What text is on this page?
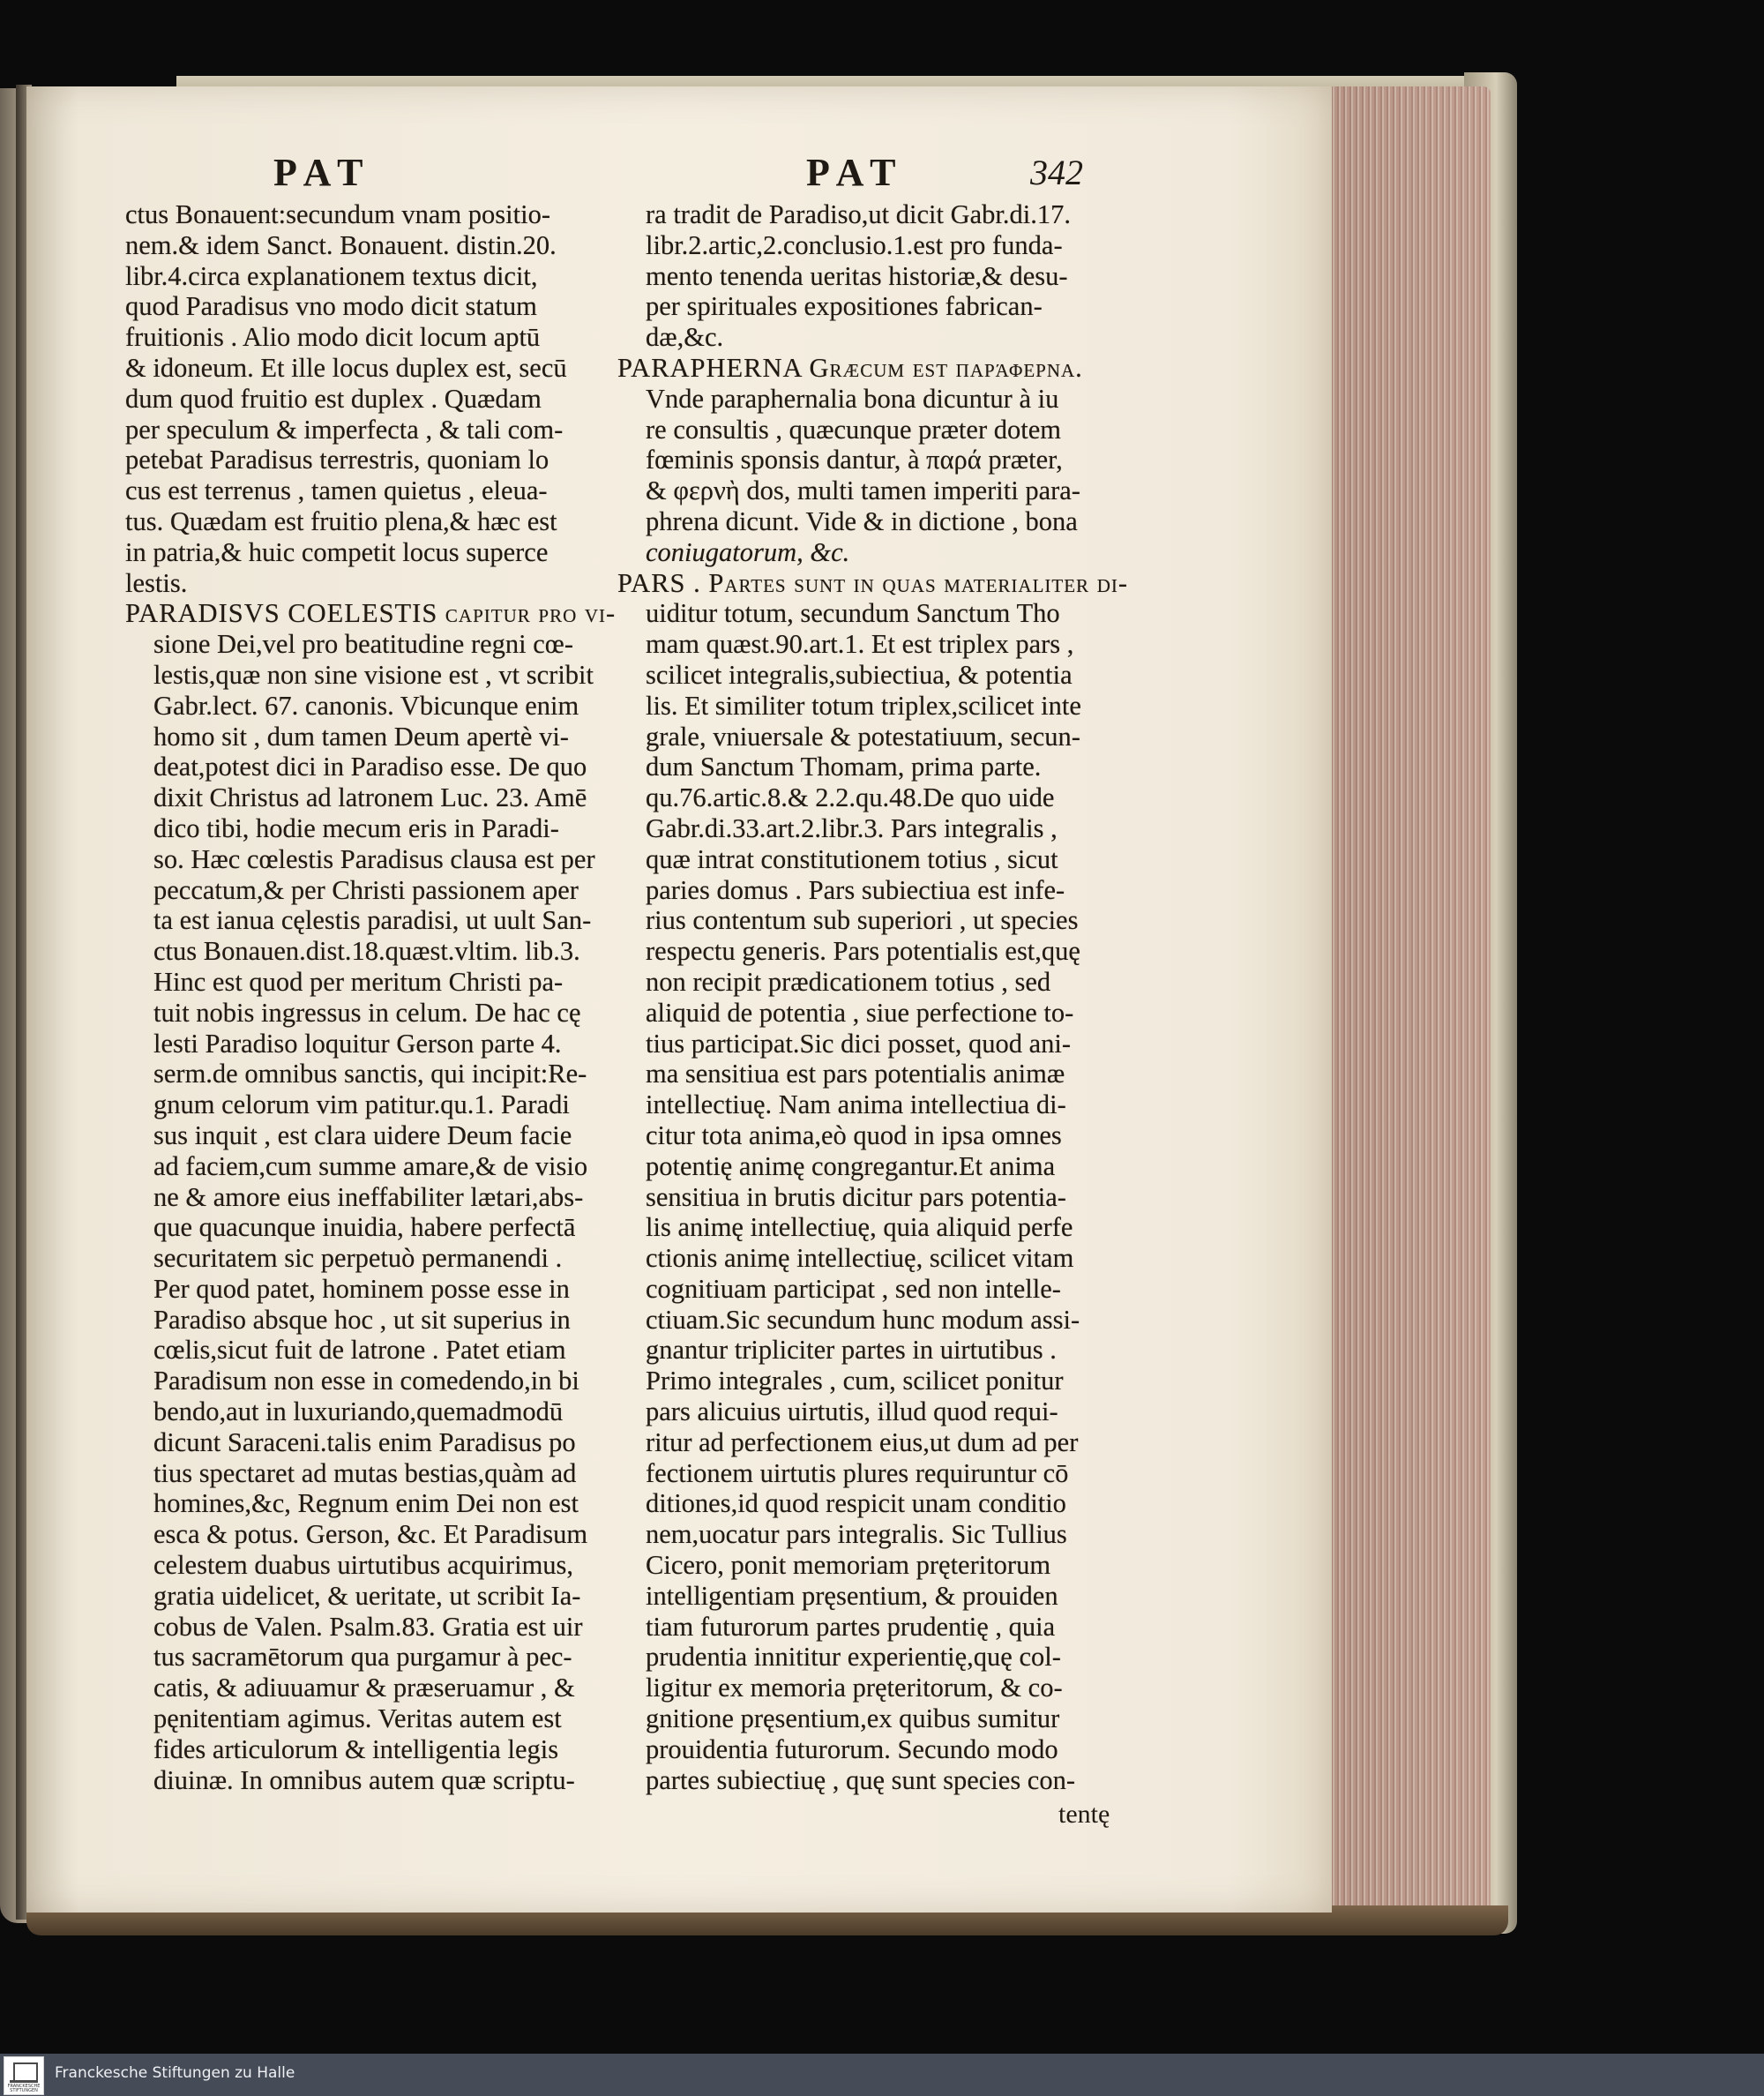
PAT	PAT	342
ctus Bonauent:secundum vnam positio-
nem.& idem Sanct. Bonauent. distin.20.
libr.4.circa explanationem textus dicit,
quod Paradisus vno modo dicit statum
fruitionis . Alio modo dicit locum aptū
& idoneum. Et ille locus duplex est, secū
dum quod fruitio est duplex . Quædam
per speculum & imperfecta , & tali com-
petebat Paradisus terrestris, quoniam lo
cus est terrenus , tamen quietus , eleua-
tus. Quædam est fruitio plena,& hæc est
in patria,& huic competit locus superce
lestis.
PARADISVS COELESTIS capitur pro vi-
sione Dei,vel pro beatitudine regni cœ-
lestis,quæ non sine visione est , vt scribit
Gabr.lect. 67. canonis. Vbicunque enim
homo sit , dum tamen Deum apertè vi-
deat,potest dici in Paradiso esse. De quo
dixit Christus ad latronem Luc. 23. Amē
dico tibi, hodie mecum eris in Paradi-
so. Hæc cœlestis Paradisus clausa est per
peccatum,& per Christi passionem aper
ta est ianua cęlestis paradisi, ut uult San-
ctus Bonauen.dist.18.quæst.vltim. lib.3.
Hinc est quod per meritum Christi pa-
tuit nobis ingressus in celum. De hac cę
lesti Paradiso loquitur Gerson parte 4.
serm.de omnibus sanctis, qui incipit:Re-
gnum celorum vim patitur.qu.1. Paradi
sus inquit , est clara uidere Deum facie
ad faciem,cum summe amare,& de visio
ne & amore eius ineffabiliter lætari,abs-
que quacunque inuidia, habere perfectā
securitatem sic perpetuò permanendi .
Per quod patet, hominem posse esse in
Paradiso absque hoc , ut sit superius in
cœlis,sicut fuit de latrone . Patet etiam
Paradisum non esse in comedendo,in bi
bendo,aut in luxuriando,quemadmodū
dicunt Saraceni.talis enim Paradisus po
tius spectaret ad mutas bestias,quàm ad
homines,&c, Regnum enim Dei non est
esca & potus. Gerson, &c. Et Paradisum
celestem duabus uirtutibus acquirimus,
gratia uidelicet, & ueritate, ut scribit Ia-
cobus de Valen. Psalm.83. Gratia est uir
tus sacramētorum qua purgamur à pec-
catis, & adiuuamur & præseruamur , &
pęnitentiam agimus. Veritas autem est
fides articulorum & intelligentia legis
diuinæ. In omnibus autem quæ scriptu-
ra tradit de Paradiso,ut dicit Gabr.di.17.
libr.2.artic,2.conclusio.1.est pro funda-
mento tenenda ueritas historiæ,& desu-
per spirituales expositiones fabrican-
dæ,&c.
PARAPHERNA Græcum est παράφερνα.
Vnde paraphernalia bona dicuntur à iu
re consultis , quæcunque præter dotem
fœminis sponsis dantur, à παρά præter,
& φερνὴ dos, multi tamen imperiti para-
phrena dicunt. Vide & in dictione , bona
coniugatorum, &c.
PARS . Partes sunt in quas materialiter di-
uiditur totum, secundum Sanctum Tho
mam quæst.90.art.1. Et est triplex pars ,
scilicet integralis,subiectiua, & potentia
lis. Et similiter totum triplex,scilicet inte
grale, vniuersale & potestatiuum, secun-
dum Sanctum Thomam, prima parte.
qu.76.artic.8.& 2.2.qu.48.De quo uide
Gabr.di.33.art.2.libr.3. Pars integralis ,
quæ intrat constitutionem totius , sicut
paries domus . Pars subiectiua est infe-
rius contentum sub superiori , ut species
respectu generis. Pars potentialis est,quę
non recipit prædicationem totius , sed
aliquid de potentia , siue perfectione to-
tius participat.Sic dici posset, quod ani-
ma sensitiua est pars potentialis animæ
intellectiuę. Nam anima intellectiua di-
citur tota anima,eò quod in ipsa omnes
potentię animę congregantur.Et anima
sensitiua in brutis dicitur pars potentia-
lis animę intellectiuę, quia aliquid perfe
ctionis animę intellectiuę, scilicet vitam
cognitiuam participat , sed non intelle-
ctiuam.Sic secundum hunc modum assi-
gnantur tripliciter partes in uirtutibus .
Primo integrales , cum, scilicet ponitur
pars alicuius uirtutis, illud quod requi-
ritur ad perfectionem eius,ut dum ad per
fectionem uirtutis plures requiruntur cō
ditiones,id quod respicit unam conditio
nem,uocatur pars integralis. Sic Tullius
Cicero, ponit memoriam pręteritorum
intelligentiam pręsentium, & prouiden
tiam futurorum partes prudentię , quia
prudentia innititur experientię,quę col-
ligitur ex memoria pręteritorum, & co-
gnitione pręsentium,ex quibus sumitur
prouidentia futurorum. Secundo modo
partes subiectiuę , quę sunt species con-
tentę
FRANCKESCHE STIFTUNGEN
Franckesche Stiftungen zu Halle
